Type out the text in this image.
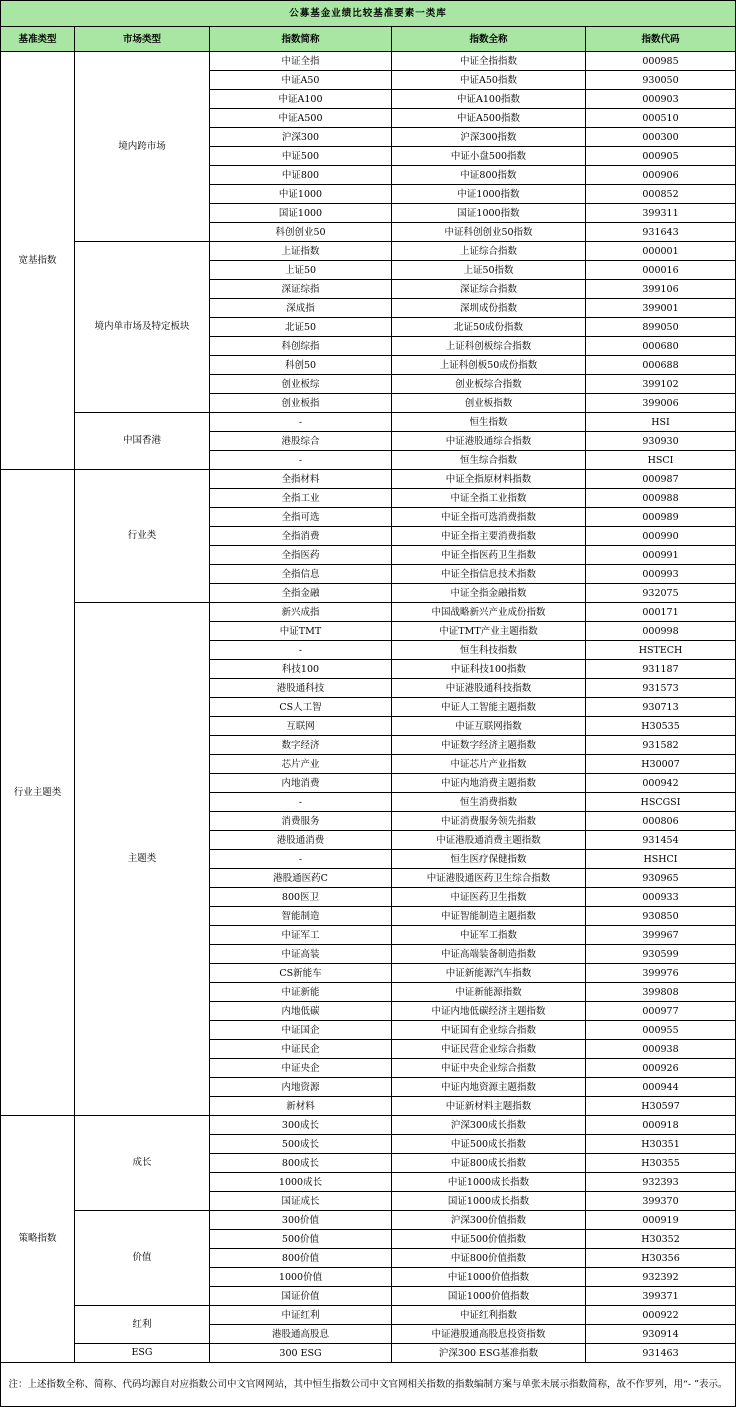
公募基金业绩比较基准要素一类库				
基准类型	市场类型	指数简称	指数全称	指数代码
宽基指数	境内跨市场	中证全指	中证全指指数	000985
		中证A50	中证A50指数	930050
		中证A100	中证A100指数	000903
		中证A500	中证A500指数	000510
		沪深300	沪深300指数	000300
		中证500	中证小盘500指数	000905
		中证800	中证800指数	000906
		中证1000	中证1000指数	000852
		国证1000	国证1000指数	399311
		科创创业50	中证科创创业50指数	931643
	境内单市场及特定板块	上证指数	上证综合指数	000001
		上证50	上证50指数	000016
		深证综指	深证综合指数	399106
		深成指	深圳成份指数	399001
		北证50	北证50成份指数	899050
		科创综指	上证科创板综合指数	000680
		科创50	上证科创板50成份指数	000688
		创业板综	创业板综合指数	399102
		创业板指	创业板指数	399006
	中国香港	-	恒生指数	HSI
		港股综合	中证港股通综合指数	930930
		-	恒生综合指数	HSCI
行业主题类	行业类	全指材料	中证全指原材料指数	000987
		全指工业	中证全指工业指数	000988
		全指可选	中证全指可选消费指数	000989
		全指消费	中证全指主要消费指数	000990
		全指医药	中证全指医药卫生指数	000991
		全指信息	中证全指信息技术指数	000993
		全指金融	中证全指金融指数	932075
	主题类	新兴成指	中国战略新兴产业成份指数	000171
		中证TMT	中证TMT产业主题指数	000998
		-	恒生科技指数	HSTECH
		科技100	中证科技100指数	931187
		港股通科技	中证港股通科技指数	931573
		CS人工智	中证人工智能主题指数	930713
		互联网	中证互联网指数	H30535
		数字经济	中证数字经济主题指数	931582
		芯片产业	中证芯片产业指数	H30007
		内地消费	中证内地消费主题指数	000942
		-	恒生消费指数	HSCGSI
		消费服务	中证消费服务领先指数	000806
		港股通消费	中证港股通消费主题指数	931454
		-	恒生医疗保健指数	HSHCI
		港股通医药C	中证港股通医药卫生综合指数	930965
		800医卫	中证医药卫生指数	000933
		智能制造	中证智能制造主题指数	930850
		中证军工	中证军工指数	399967
		中证高装	中证高端装备制造指数	930599
		CS新能车	中证新能源汽车指数	399976
		中证新能	中证新能源指数	399808
		内地低碳	中证内地低碳经济主题指数	000977
		中证国企	中证国有企业综合指数	000955
		中证民企	中证民营企业综合指数	000938
		中证央企	中证中央企业综合指数	000926
		内地资源	中证内地资源主题指数	000944
		新材料	中证新材料主题指数	H30597
策略指数	成长	300成长	沪深300成长指数	000918
		500成长	中证500成长指数	H30351
		800成长	中证800成长指数	H30355
		1000成长	中证1000成长指数	932393
		国证成长	国证1000成长指数	399370
	价值	300价值	沪深300价值指数	000919
		500价值	中证500价值指数	H30352
		800价值	中证800价值指数	H30356
		1000价值	中证1000价值指数	932392
		国证价值	国证1000价值指数	399371
	红利	中证红利	中证红利指数	000922
		港股通高股息	中证港股通高股息投资指数	930914
	ESG	300 ESG	沪深300 ESG基准指数	931463
注：上述指数全称、简称、代码均源自对应指数公司中文官网网站，其中恒生指数公司中文官网相关指数的指数编制方案与单张未展示指数简称，故不作罗列，用“- ”表示。				
